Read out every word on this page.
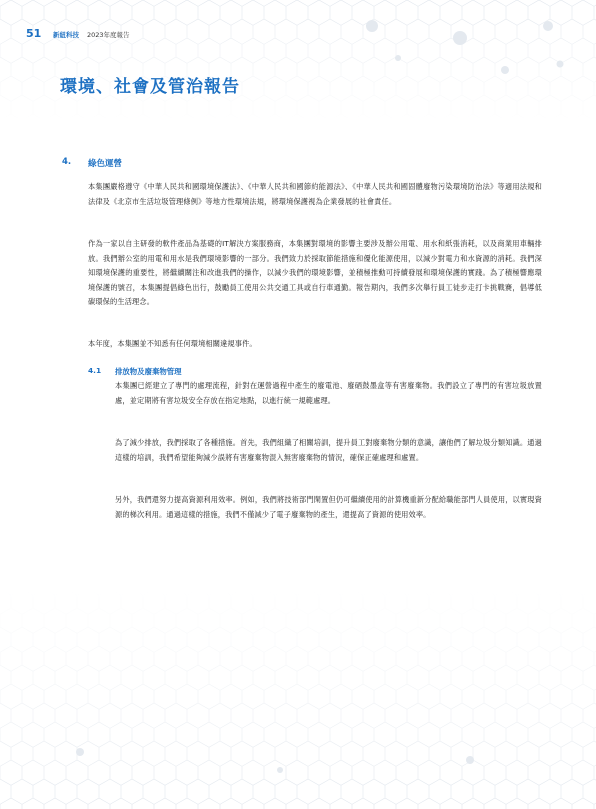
51	新紐科技 2023年度報告
環境、社會及管治報告
4. 綠色運營

本集團嚴格遵守《中華人民共和國環境保護法》、《中華人民共和國節約能源法》、《中華人民共和國固體廢物污染環境防治法》等適用法規和法律及《北京市生活垃圾管理條例》等地方性環境法規，將環境保護視為企業發展的社會責任。

作為一家以自主研發的軟件產品為基礎的IT解決方案服務商，本集團對環境的影響主要涉及辦公用電、用水和紙張消耗，以及商業用車輛排放。我們辦公室的用電和用水是我們環境影響的一部分。我們致力於採取節能措施和優化能源使用，以減少對電力和水資源的消耗。我們深知環境保護的重要性，將繼續關注和改進我們的操作，以減少我們的環境影響，並積極推動可持續發展和環境保護的實踐。為了積極響應環境保護的號召，本集團提倡綠色出行，鼓勵員工使用公共交通工具或自行車通勤。報告期內，我們多次舉行員工徒步走打卡挑戰賽，倡導低碳環保的生活理念。

本年度，本集團並不知悉有任何環境相關違規事件。

4.1 排放物及廢棄物管理

本集團已經建立了專門的處理流程，針對在運營過程中產生的廢電池、廢硒鼓墨盒等有害廢棄物。我們設立了專門的有害垃圾放置處，並定期將有害垃圾安全存放在指定地點，以進行統一規範處理。

為了減少排放，我們採取了各種措施。首先，我們組織了相關培訓，提升員工對廢棄物分類的意識，讓他們了解垃圾分類知識。通過這樣的培訓，我們希望能夠減少誤將有害廢棄物混入無害廢棄物的情況，確保正確處理和處置。

另外，我們還努力提高資源利用效率。例如，我們將技術部門閑置但仍可繼續使用的計算機重新分配給職能部門人員使用，以實現資源的梯次利用。通過這樣的措施，我們不僅減少了電子廢棄物的產生，還提高了資源的使用效率。
